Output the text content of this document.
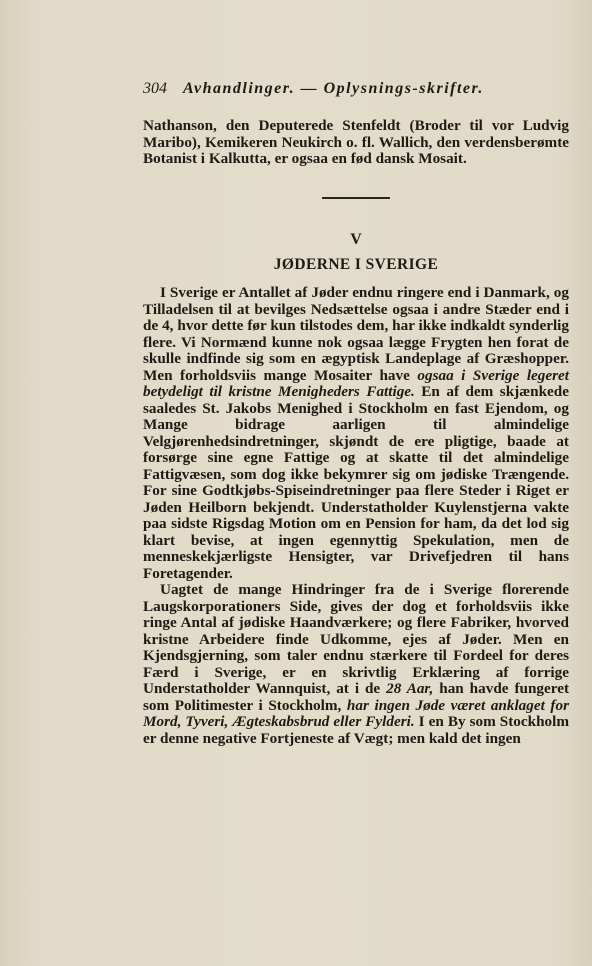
304 Avhandlinger. — Oplysnings-skrifter.

Nathanson, den Deputerede Stenfeldt (Broder til vor Ludvig Maribo), Kemikeren Neukirch o. fl. Wallich, den verdensberømte Botanist i Kalkutta, er ogsaa en fød dansk Mosait.

V
JØDERNE I SVERIGE

I Sverige er Antallet af Jøder endnu ringere end i Danmark, og Tilladelsen til at bevilges Nedsættelse ogsaa i andre Stæder end i de 4, hvor dette før kun tilstodes dem, har ikke indkaldt synderlig flere. Vi Normænd kunne nok ogsaa lægge Frygten hen forat de skulle indfinde sig som en ægyptisk Landeplage af Græshopper. Men forholdsviis mange Mosaiter have ogsaa i Sverige legeret betydeligt til kristne Menigheders Fattige. En af dem skjænkede saaledes St. Jakobs Menighed i Stockholm en fast Ejendom, og Mange bidrage aarligen til almindelige Velgjørenhedsindretninger, skjøndt de ere pligtige, baade at forsørge sine egne Fattige og at skatte til det almindelige Fattigvæsen, som dog ikke bekymrer sig om jødiske Trængende. For sine Godtkjøbs-Spiseindretninger paa flere Steder i Riget er Jøden Heilborn bekjendt. Understatholder Kuylenstjerna vakte paa sidste Rigsdag Motion om en Pension for ham, da det lod sig klart bevise, at ingen egennyttig Spekulation, men de menneskekjærligste Hensigter, var Drivefjedren til hans Foretagender.

Uagtet de mange Hindringer fra de i Sverige florerende Laugskorporationers Side, gives der dog et forholdsviis ikke ringe Antal af jødiske Haandværkere; og flere Fabriker, hvorved kristne Arbeidere finde Udkomme, ejes af Jøder. Men en Kjendsgjerning, som taler endnu stærkere til Fordeel for deres Færd i Sverige, er en skrivtlig Erklæring af forrige Understatholder Wannquist, at i de 28 Aar, han havde fungeret som Politimester i Stockholm, har ingen Jøde været anklaget for Mord, Tyveri, Ægteskabsbrud eller Fylderi. I en By som Stockholm er denne negative Fortjeneste af Vægt; men kald det ingen
